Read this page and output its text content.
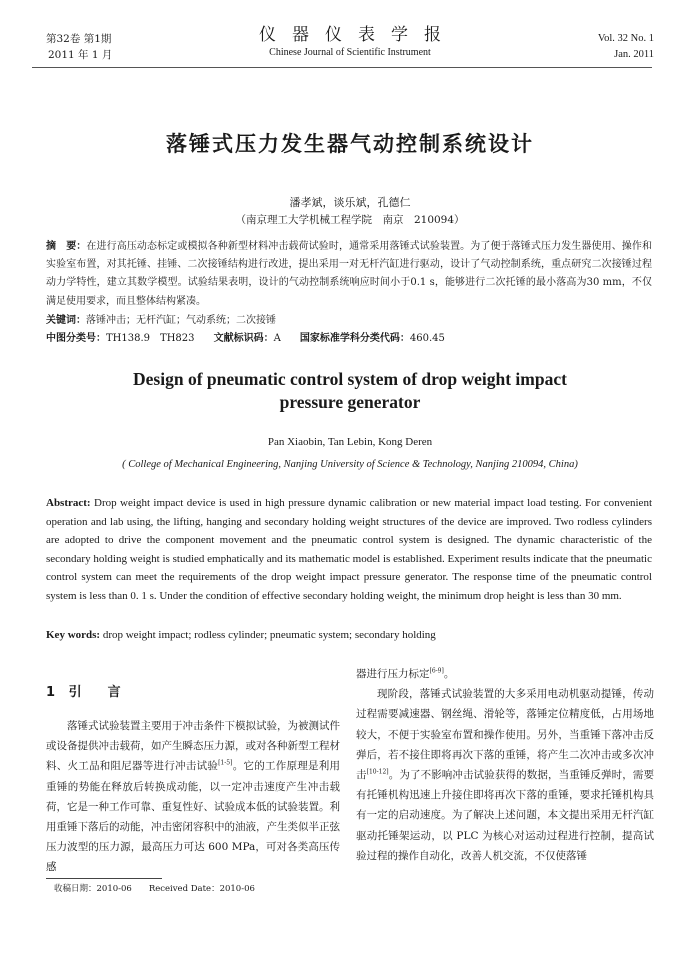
第32卷 第1期
2011 年 1 月
仪器仪表学报
Chinese Journal of Scientific Instrument
Vol. 32 No. 1
Jan. 2011
落锤式压力发生器气动控制系统设计
潘孝斌，谈乐斌，孔德仁
（南京理工大学机械工程学院　南京　210094）
摘　要：在进行高压动态标定或模拟各种新型材料冲击载荷试验时，通常采用落锤式试验装置。为了便于落锤式压力发生器使用、操作和实验室布置，对其托锤、挂锤、二次接锤结构进行改进，提出采用一对无杆汽缸进行驱动，设计了气动控制系统，重点研究二次接锤过程动力学特性，建立其数学模型。试验结果表明，设计的气动控制系统响应时间小于0.1 s，能够进行二次托锤的最小落高为30 mm，不仅满足使用要求，而且整体结构紧凑。
关键词：落锤冲击；无杆汽缸；气动系统；二次接锤
中图分类号：TH138.9　TH823 文献标识码：A 国家标准学科分类代码：460.45
Design of pneumatic control system of drop weight impact
pressure generator
Pan Xiaobin, Tan Lebin, Kong Deren
( College of Mechanical Engineering, Nanjing University of Science & Technology, Nanjing 210094, China)
Abstract: Drop weight impact device is used in high pressure dynamic calibration or new material impact load testing. For convenient operation and lab using, the lifting, hanging and secondary holding weight structures of the device are improved. Two rodless cylinders are adopted to drive the component movement and the pneumatic control system is designed. The dynamic characteristic of the secondary holding weight is studied emphatically and its mathematic model is established. Experiment results indicate that the pneumatic control system can meet the requirements of the drop weight impact pressure generator. The response time of the pneumatic control system is less than 0. 1 s. Under the condition of effective secondary holding weight, the minimum drop height is less than 30 mm.
Key words: drop weight impact; rodless cylinder; pneumatic system; secondary holding
1 引　　言
落锤式试验装置主要用于冲击条件下模拟试验，为被测试件或设备提供冲击载荷，如产生瞬态压力源，或对各种新型工程材料、火工品和阻尼器等进行冲击试验[1-5]。它的工作原理是利用重锤的势能在释放后转换成动能，以一定冲击速度产生冲击载荷，它是一种工作可靠、重复性好、试验成本低的试验装置。利用重锤下落后的动能，冲击密闭容积中的油液，产生类似半正弦压力波型的压力源，最高压力可达 600 MPa，可对各类高压传感
器进行压力标定[6-9]。
现阶段，落锤式试验装置的大多采用电动机驱动提锤，传动过程需要减速器、钢丝绳、滑轮等，落锤定位精度低，占用场地较大，不便于实验室布置和操作使用。另外，当重锤下落冲击反弹后，若不接住即将再次下落的重锤，将产生二次冲击或多次冲击[10-12]。为了不影响冲击试验获得的数据，当重锤反弹时，需要有托锤机构迅速上升接住即将再次下落的重锤，要求托锤机构具有一定的启动速度。为了解决上述问题，本文提出采用无杆汽缸驱动托锤架运动，以 PLC 为核心对运动过程进行控制，提高试验过程的操作自动化，改善人机交流，不仅使落锤
收稿日期：2010-06　　Received Date：2010-06
